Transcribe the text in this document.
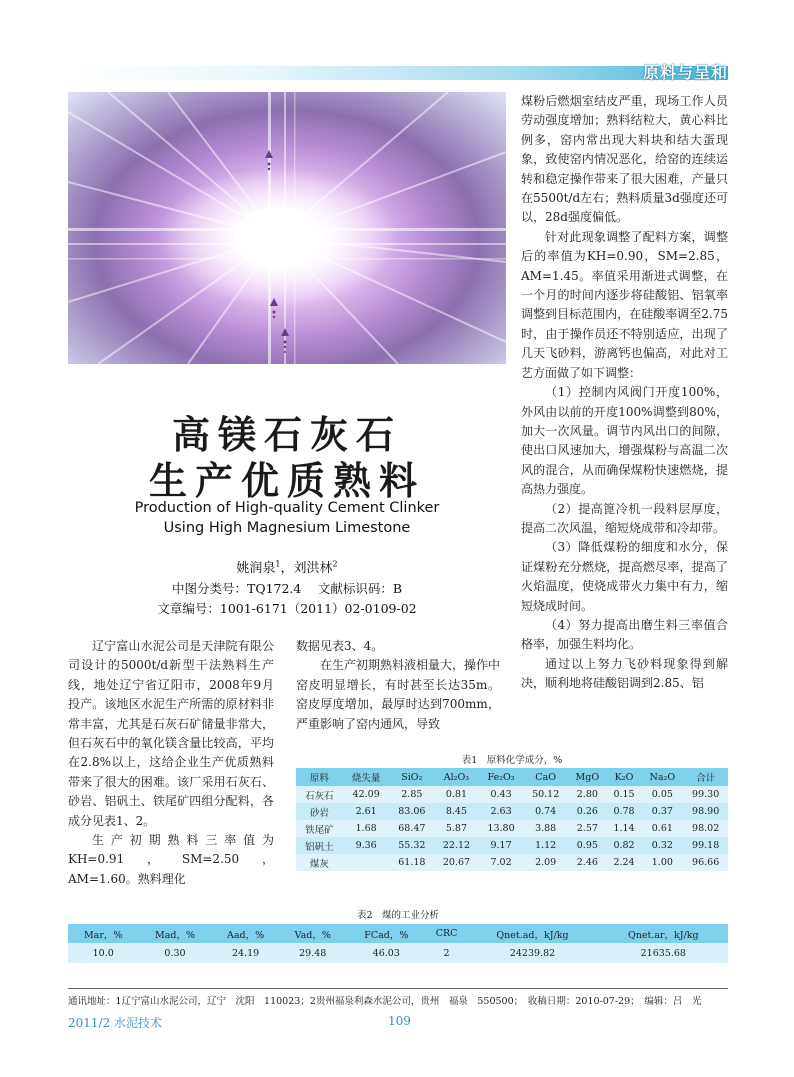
原料与呈和
高镁石灰石
生产优质熟料
Production of High-quality Cement Clinker
Using High Magnesium Limestone
姚润泉$^1$，刘洪林$^2$
中图分类号：TQ172.4　 文献标识码：B
文章编号：1001-6171（2011）02-0109-02

辽宁富山水泥公司是天津院有限公司设计的5000t/d新型干法熟料生产线，地处辽宁省辽阳市，2008年9月投产。该地区水泥生产所需的原材料非常丰富，尤其是石灰石矿储量非常大，但石灰石中的氧化镁含量比较高，平均在2.8%以上，这给企业生产优质熟料带来了很大的困难。该厂采用石灰石、砂岩、铝矾土、铁尾矿四组分配料，各成分见表1、2。

生产初期熟料三率值为KH=0.91，SM=2.50，AM=1.60。熟料理化

数据见表3、4。

在生产初期熟料液相量大，操作中窑皮明显增长，有时甚至长达35m。窑皮厚度增加，最厚时达到700mm，严重影响了窑内通风，导致

煤粉后燃烟室结皮严重，现场工作人员劳动强度增加；熟料结粒大，黄心料比例多，窑内常出现大料块和结大蛋现象，致使窑内情况恶化，给窑的连续运转和稳定操作带来了很大困难，产量只在5500t/d左右；熟料质量3d强度还可以，28d强度偏低。

针对此现象调整了配料方案，调整后的率值为KH=0.90，SM=2.85，AM=1.45。率值采用渐进式调整，在一个月的时间内逐步将硅酸铝、铝氧率调整到目标范围内，在硅酸率调至2.75时，由于操作员还不特别适应，出现了几天飞砂料，游离钙也偏高，对此对工艺方面做了如下调整：

（1）控制内风阀门开度100%，外风由以前的开度100%调整到80%，加大一次风量。调节内风出口的间隙，使出口风速加大，增强煤粉与高温二次风的混合，从而确保煤粉快速燃烧，提高热力强度。

（2）提高篦冷机一段料层厚度，提高二次风温，缩短烧成带和冷却带。

（3）降低煤粉的细度和水分，保证煤粉充分燃烧，提高燃尽率，提高了火焰温度，使烧成带火力集中有力，缩短烧成时间。

（4）努力提高出磨生料三率值合格率，加强生料均化。

通过以上努力飞砂料现象得到解决，顺利地将硅酸铝调到2.85、铝

表1　原料化学成分，%
原料	烧失量	SiO₂	Al₂O₃	Fe₂O₃	CaO	MgO	K₂O	Na₂O	合计
石灰石	42.09	2.85	0.81	0.43	50.12	2.80	0.15	0.05	99.30
砂岩	2.61	83.06	8.45	2.63	0.74	0.26	0.78	0.37	98.90
铁尾矿	1.68	68.47	5.87	13.80	3.88	2.57	1.14	0.61	98.02
铝矾土	9.36	55.32	22.12	9.17	1.12	0.95	0.82	0.32	99.18
煤灰		61.18	20.67	7.02	2.09	2.46	2.24	1.00	96.66
表2　煤的工业分析
Mar，%	Mad，%	Aad，%	Vad，%	FCad，%	CRC	Qnet.ad，kJ/kg	Qnet.ar，kJ/kg
10.0	0.30	24.19	29.48	46.03	2	24239.82	21635.68
通讯地址：1辽宁富山水泥公司，辽宁　沈阳　110023；2贵州福泉利森水泥公司，贵州　福泉　550500；　收稿日期：2010-07-29；　编辑：吕　光
2011/2 水泥技术	109
